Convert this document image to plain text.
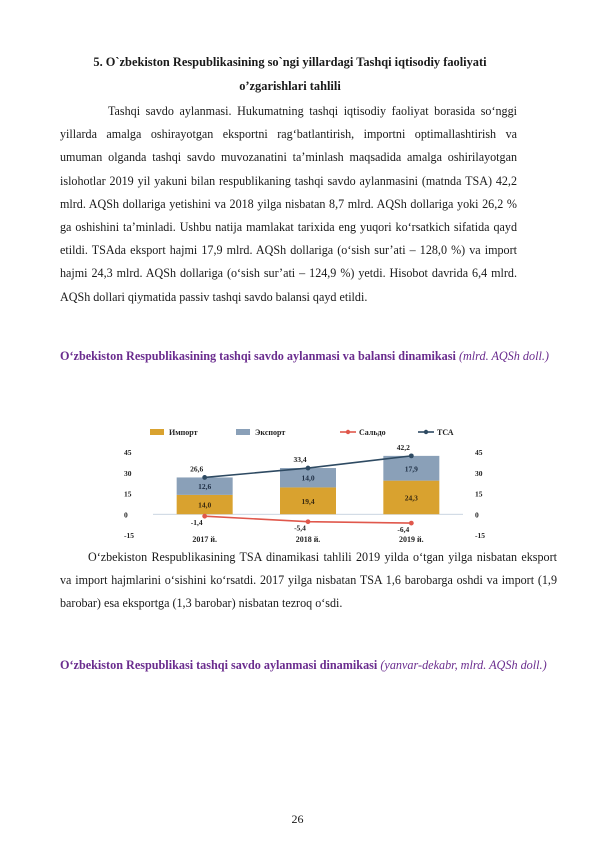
5. O`zbekiston Respublikasining so`ngi yillardagi Tashqi iqtisodiy faoliyati
o’zgarishlari tahlili
Tashqi savdo aylanmasi. Hukumatning tashqi iqtisodiy faoliyat borasida so‘nggi yillarda amalga oshirayotgan eksportni rag‘batlantirish, importni optimallashtirish va umuman olganda tashqi savdo muvozanatini ta’minlash maqsadida amalga oshirilayotgan islohotlar 2019 yil yakuni bilan respublikaning tashqi savdo aylanmasini (matnda TSA) 42,2 mlrd. AQSh dollariga yetishini va 2018 yilga nisbatan 8,7 mlrd. AQSh dollariga yoki 26,2 % ga oshishini ta’minladi. Ushbu natija mamlakat tarixida eng yuqori ko‘rsatkich sifatida qayd etildi. TSAda eksport hajmi 17,9 mlrd. AQSh dollariga (o‘sish sur’ati – 128,0 %) va import hajmi 24,3 mlrd. AQSh dollariga (o‘sish sur’ati – 124,9 %) yetdi. Hisobot davrida 6,4 mlrd. AQSh dollari qiymatida passiv tashqi savdo balansi qayd etildi.
O‘zbekiston Respublikasining tashqi savdo aylanmasi va balansi dinamikasi (mlrd. AQSh doll.)
Импорт	Экспорт	Сальдо	ТСА
45	45
30	30
15	15
0	0
-15	-15
14,0
12,6
2017 й.
19,4
14,0
2018 й.
24,3
17,9
2019 й.
-1,4
-5,4	-6,4
26,6
33,4
42,2
O‘zbekiston Respublikasining TSA dinamikasi tahlili 2019 yilda o‘tgan yilga nisbatan eksport va import hajmlarini o‘sishini ko‘rsatdi. 2017 yilga nisbatan TSA 1,6 barobarga oshdi va import (1,9 barobar) esa eksportga (1,3 barobar) nisbatan tezroq o‘sdi.
O‘zbekiston Respublikasi tashqi savdo aylanmasi dinamikasi (yanvar-dekabr, mlrd. AQSh doll.)
26
